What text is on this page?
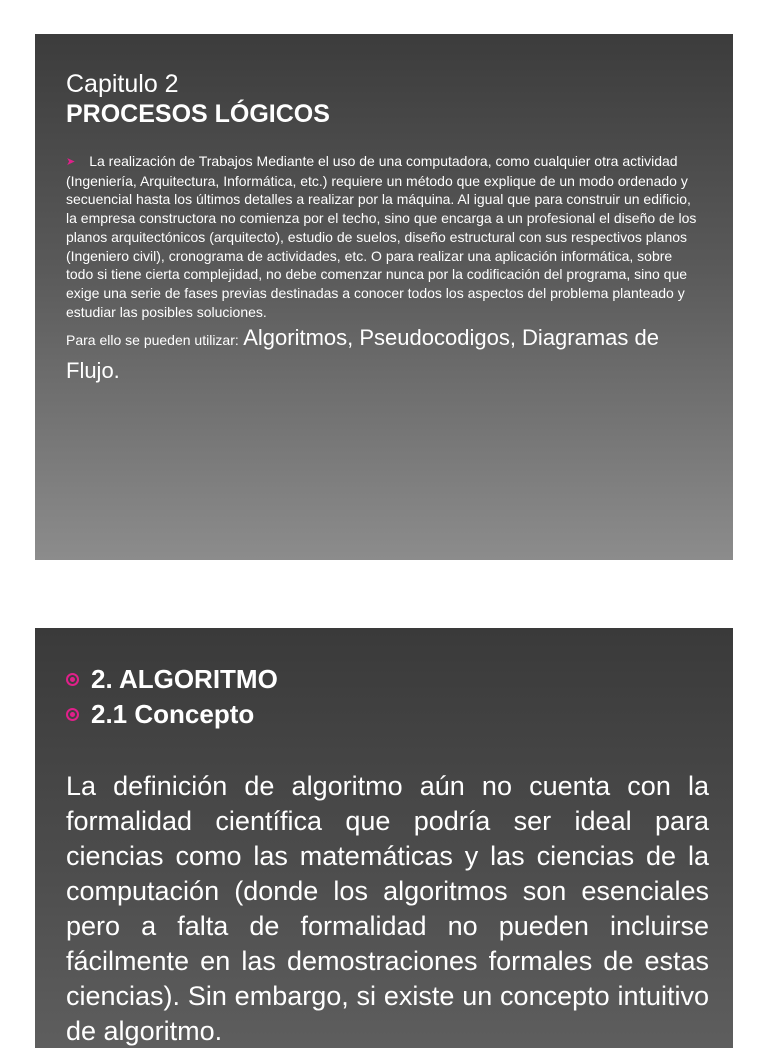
Capitulo 2
PROCESOS LÓGICOS

➤ La realización de Trabajos Mediante el uso de una computadora, como cualquier otra actividad (Ingeniería, Arquitectura, Informática, etc.) requiere un método que explique de un modo ordenado y secuencial hasta los últimos detalles a realizar por la máquina. Al igual que para construir un edificio, la empresa constructora no comienza por el techo, sino que encarga a un profesional el diseño de los planos arquitectónicos (arquitecto), estudio de suelos, diseño estructural con sus respectivos planos (Ingeniero civil), cronograma de actividades, etc. O para realizar una aplicación informática, sobre todo si tiene cierta complejidad, no debe comenzar nunca por la codificación del programa, sino que exige una serie de fases previas destinadas a conocer todos los aspectos del problema planteado y estudiar las posibles soluciones.

Para ello se pueden utilizar: Algoritmos, Pseudocodigos, Diagramas de Flujo.

2. ALGORITMO
2.1 Concepto

La definición de algoritmo aún no cuenta con la formalidad científica que podría ser ideal para ciencias como las matemáticas y las ciencias de la computación (donde los algoritmos son esenciales pero a falta de formalidad no pueden incluirse fácilmente en las demostraciones formales de estas ciencias). Sin embargo, si existe un concepto intuitivo de algoritmo.
